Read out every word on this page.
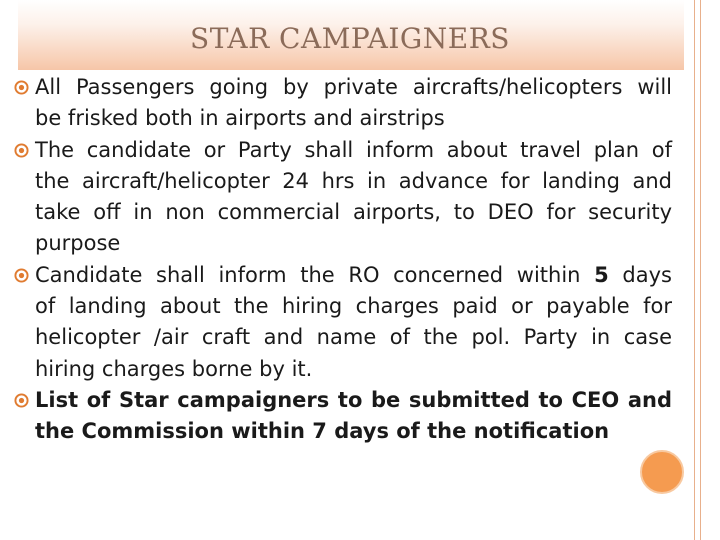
STAR CAMPAIGNERS
All Passengers going by private aircrafts/helicopters will
be frisked both in airports and airstrips
The candidate or Party shall inform about travel plan of
the aircraft/helicopter 24 hrs in advance for landing and
take off in non commercial airports, to DEO for security
purpose
Candidate shall inform the RO concerned within 5 days
of landing about the hiring charges paid or payable for
helicopter /air craft and name of the pol. Party in case
hiring charges borne by it.
List of Star campaigners to be submitted to CEO and
the Commission within 7 days of the notification
